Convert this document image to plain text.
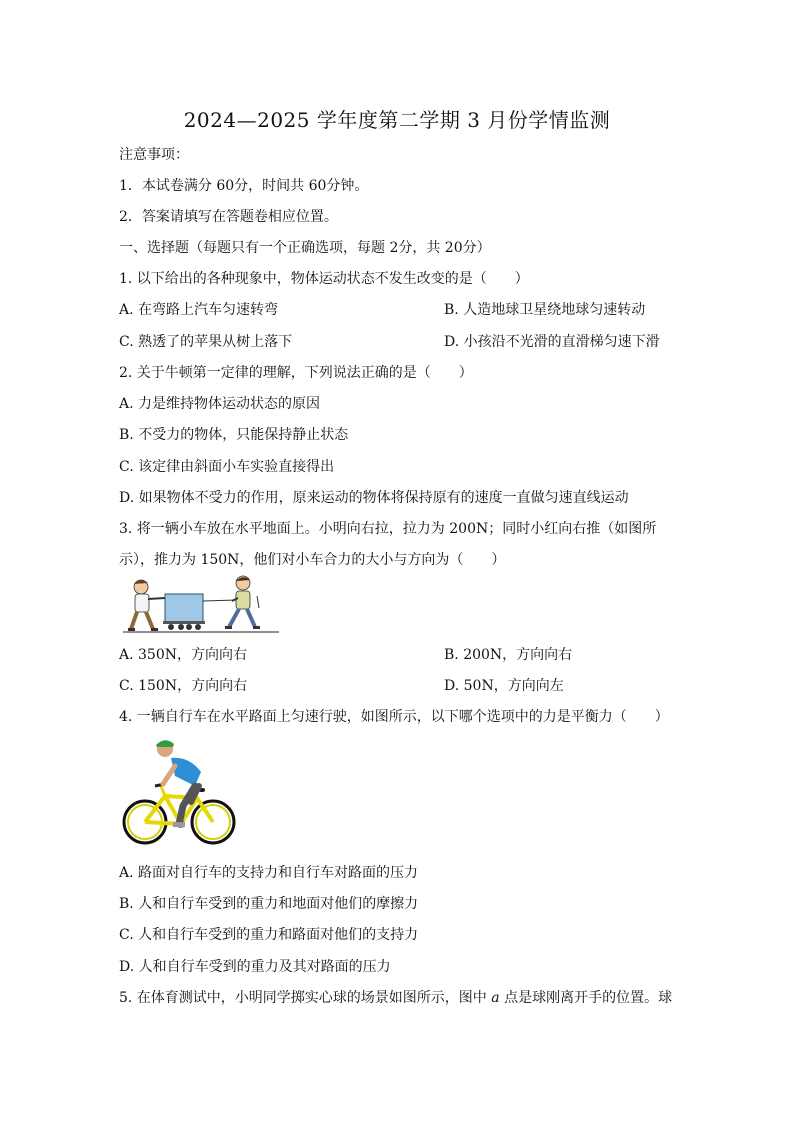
2024—2025 学年度第二学期 3 月份学情监测
注意事项：
1．本试卷满分 60分，时间共 60分钟。
2．答案请填写在答题卷相应位置。
一、选择题（每题只有一个正确选项，每题 2分，共 20分）
1. 以下给出的各种现象中，物体运动状态不发生改变的是（　　）
A. 在弯路上汽车匀速转弯	B. 人造地球卫星绕地球匀速转动
C. 熟透了的苹果从树上落下	D. 小孩沿不光滑的直滑梯匀速下滑
2. 关于牛顿第一定律的理解，下列说法正确的是（　　）
A. 力是维持物体运动状态的原因
B. 不受力的物体，只能保持静止状态
C. 该定律由斜面小车实验直接得出
D. 如果物体不受力的作用，原来运动的物体将保持原有的速度一直做匀速直线运动
3. 将一辆小车放在水平地面上。小明向右拉，拉力为 200N；同时小红向右推（如图所
示），推力为 150N，他们对小车合力的大小与方向为（　　）
A. 350N，方向向右	B. 200N，方向向右
C. 150N，方向向右	D. 50N，方向向左
4. 一辆自行车在水平路面上匀速行驶，如图所示，以下哪个选项中的力是平衡力（　　）
A. 路面对自行车的支持力和自行车对路面的压力
B. 人和自行车受到的重力和地面对他们的摩擦力
C. 人和自行车受到的重力和路面对他们的支持力
D. 人和自行车受到的重力及其对路面的压力
5. 在体育测试中，小明同学掷实心球的场景如图所示，图中 a 点是球刚离开手的位置。球
